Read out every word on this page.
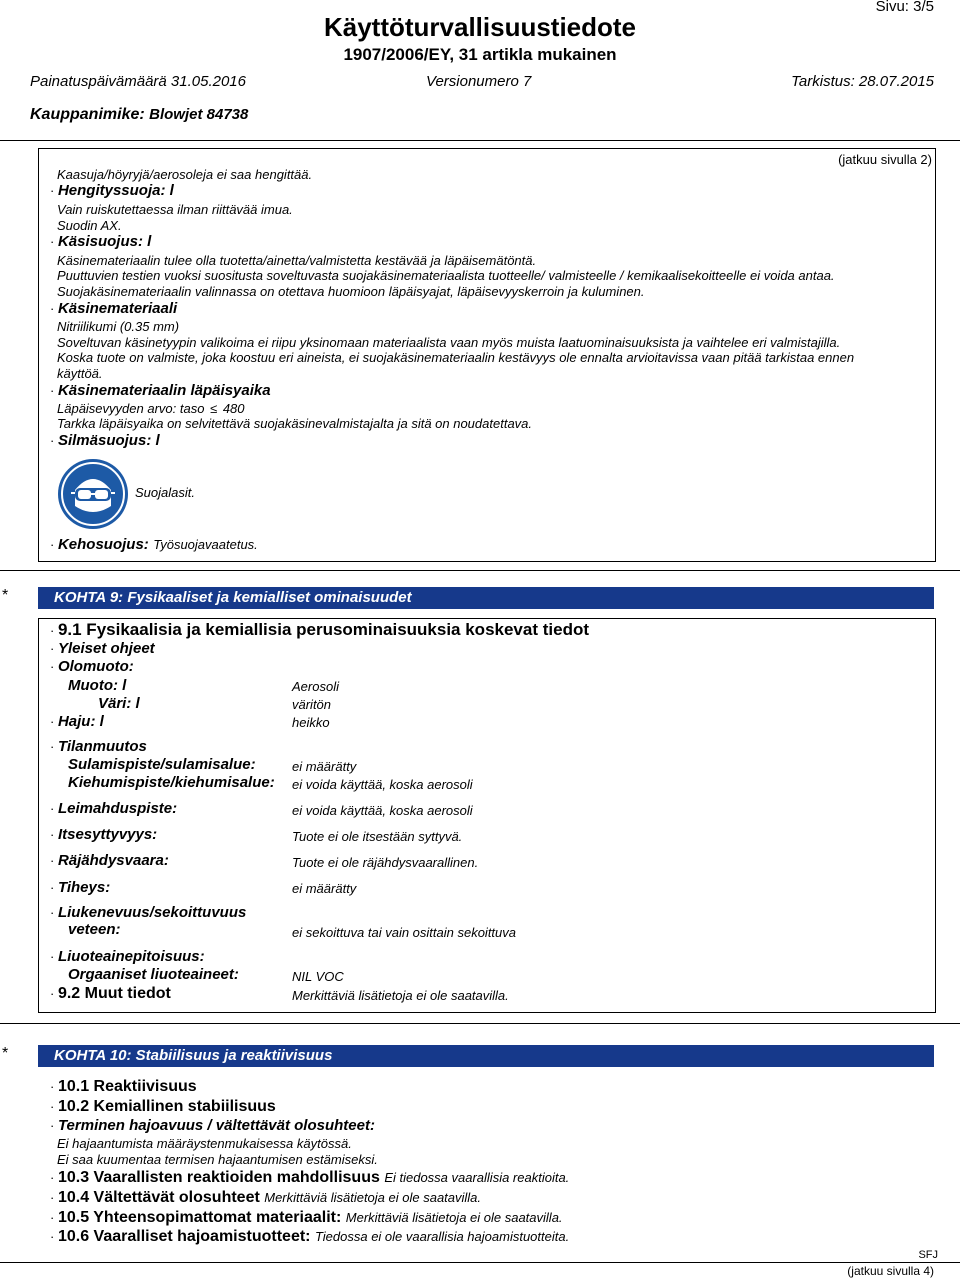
Sivu: 3/5
Käyttöturvallisuustiedote
1907/2006/EY, 31 artikla mukainen
Painatuspäivämäärä 31.05.2016	Versionumero 7	Tarkistus: 28.07.2015
Kauppanimike: Blowjet 84738
(jatkuu sivulla 2)
Kaasuja/höyryjä/aerosoleja ei saa hengittää.
· Hengityssuoja: l
Vain ruiskutettaessa ilman riittävää imua.
Suodin AX.
· Käsisuojus: l
Käsinemateriaalin tulee olla tuotetta/ainetta/valmistetta kestävää ja läpäisemätöntä.
Puuttuvien testien vuoksi suositusta soveltuvasta suojakäsinemateriaalista tuotteelle/ valmisteelle / kemikaalisekoitteelle ei voida antaa.
Suojakäsinemateriaalin valinnassa on otettava huomioon läpäisyajat, läpäisevyyskerroin ja kuluminen.
· Käsinemateriaali
Nitriilikumi (0.35 mm)
Soveltuvan käsinetyypin valikoima ei riipu yksinomaan materiaalista vaan myös muista laatuominaisuuksista ja vaihtelee eri valmistajilla.
Koska tuote on valmiste, joka koostuu eri aineista, ei suojakäsinemateriaalin kestävyys ole ennalta arvioitavissa vaan pitää tarkistaa ennen
käyttöä.
· Käsinemateriaalin läpäisyaika
Läpäisevyyden arvo: taso ≤ 480
Tarkka läpäisyaika on selvitettävä suojakäsinevalmistajalta ja sitä on noudatettava.
· Silmäsuojus: l
Suojalasit.
· Kehosuojus: Työsuojavaatetus.
*	KOHTA 9: Fysikaaliset ja kemialliset ominaisuudet
· 9.1 Fysikaalisia ja kemiallisia perusominaisuuksia koskevat tiedot
· Yleiset ohjeet
· Olomuoto:
Muoto: l	Aerosoli
Väri: l	väritön
· Haju: l	heikko
· Tilanmuutos
Sulamispiste/sulamisalue:	ei määrätty
Kiehumispiste/kiehumisalue: ei voida käyttää, koska aerosoli
· Leimahduspiste:	ei voida käyttää, koska aerosoli
· Itsesyttyvyys:	Tuote ei ole itsestään syttyvä.
· Räjähdysvaara:	Tuote ei ole räjähdysvaarallinen.
· Tiheys:	ei määrätty
· Liukenevuus/sekoittuvuus
veteen:	ei sekoittuva tai vain osittain sekoittuva
· Liuoteainepitoisuus:
Orgaaniset liuoteaineet:	NIL VOC
· 9.2 Muut tiedot	Merkittäviä lisätietoja ei ole saatavilla.
*	KOHTA 10: Stabiilisuus ja reaktiivisuus
· 10.1 Reaktiivisuus
· 10.2 Kemiallinen stabiilisuus
· Terminen hajoavuus / vältettävät olosuhteet:
Ei hajaantumista määräystenmukaisessa käytössä.
Ei saa kuumentaa termisen hajaantumisen estämiseksi.
· 10.3 Vaarallisten reaktioiden mahdollisuus Ei tiedossa vaarallisia reaktioita.
· 10.4 Vältettävät olosuhteet Merkittäviä lisätietoja ei ole saatavilla.
· 10.5 Yhteensopimattomat materiaalit: Merkittäviä lisätietoja ei ole saatavilla.
· 10.6 Vaaralliset hajoamistuotteet: Tiedossa ei ole vaarallisia hajoamistuotteita.
SFJ
(jatkuu sivulla 4)
